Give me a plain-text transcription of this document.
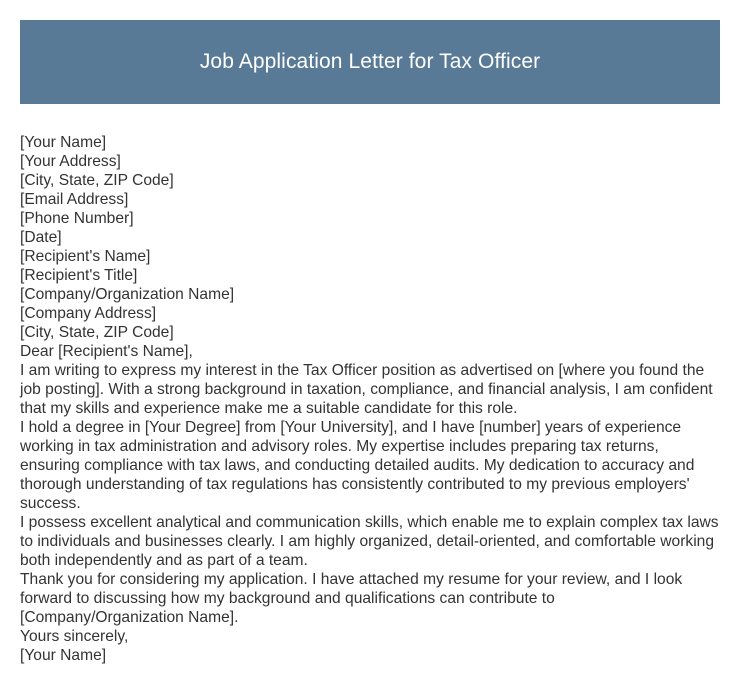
Job Application Letter for Tax Officer

[Your Name]

[Your Address]

[City, State, ZIP Code]

[Email Address]

[Phone Number]

[Date]

[Recipient's Name]

[Recipient's Title]

[Company/Organization Name]

[Company Address]

[City, State, ZIP Code]

Dear [Recipient's Name],

I am writing to express my interest in the Tax Officer position as advertised on [where you found the job posting]. With a strong background in taxation, compliance, and financial analysis, I am confident that my skills and experience make me a suitable candidate for this role.

I hold a degree in [Your Degree] from [Your University], and I have [number] years of experience working in tax administration and advisory roles. My expertise includes preparing tax returns, ensuring compliance with tax laws, and conducting detailed audits. My dedication to accuracy and thorough understanding of tax regulations has consistently contributed to my previous employers' success.

I possess excellent analytical and communication skills, which enable me to explain complex tax laws to individuals and businesses clearly. I am highly organized, detail-oriented, and comfortable working both independently and as part of a team.

Thank you for considering my application. I have attached my resume for your review, and I look forward to discussing how my background and qualifications can contribute to [Company/Organization Name].

Yours sincerely,

[Your Name]
